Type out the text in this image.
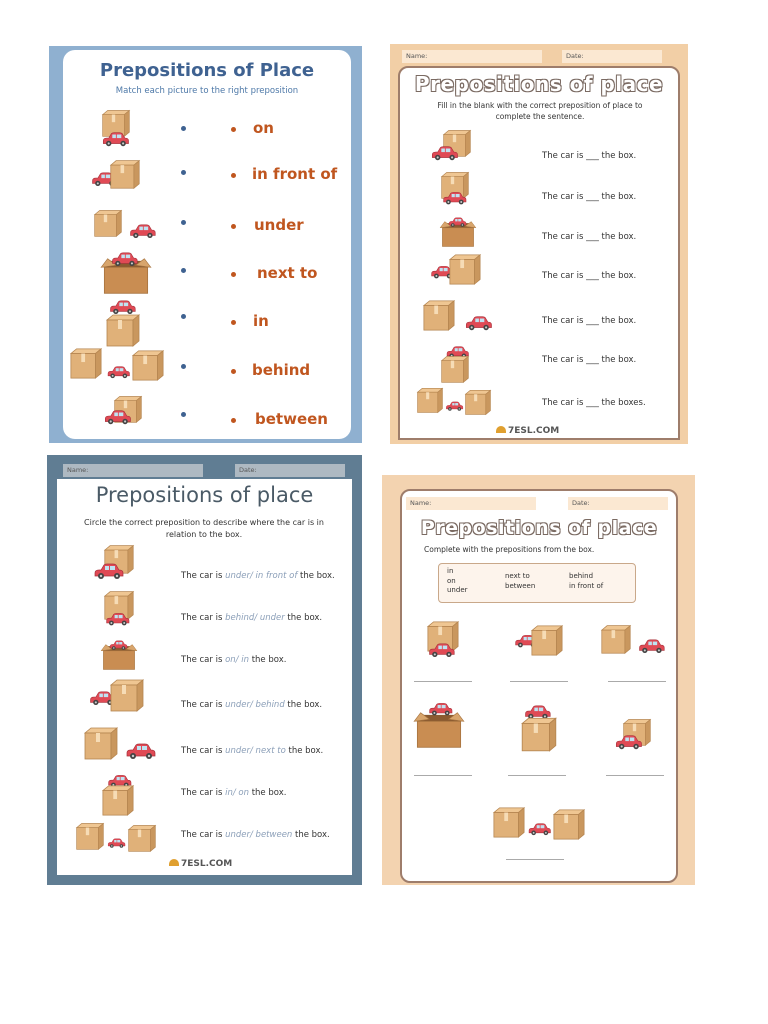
Prepositions of Place
Match each picture to the right preposition
on
in front of
under
next to
in
behind
between
Name:	Date:
Prepositions of place
Fill in the blank with the correct preposition of place to complete the sentence.
The car is ___ the box.
The car is ___ the box.
The car is ___ the box.
The car is ___ the box.
The car is ___ the box.
The car is ___ the box.
The car is ___ the boxes.
7ESL.COM
Name:	Date:
Prepositions of place
Circle the correct preposition to describe where the car is in relation to the box.
The car is under/ in front of the box.
The car is behind/ under the box.
The car is on/ in the box.
The car is under/ behind the box.
The car is under/ next to the box.
The car is in/ on the box.
The car is under/ between the box.
7ESL.COM
Name:	Date:
Prepositions of place
Complete with the prepositions from the box.
in
on
under
next to
between
behind
in front of
